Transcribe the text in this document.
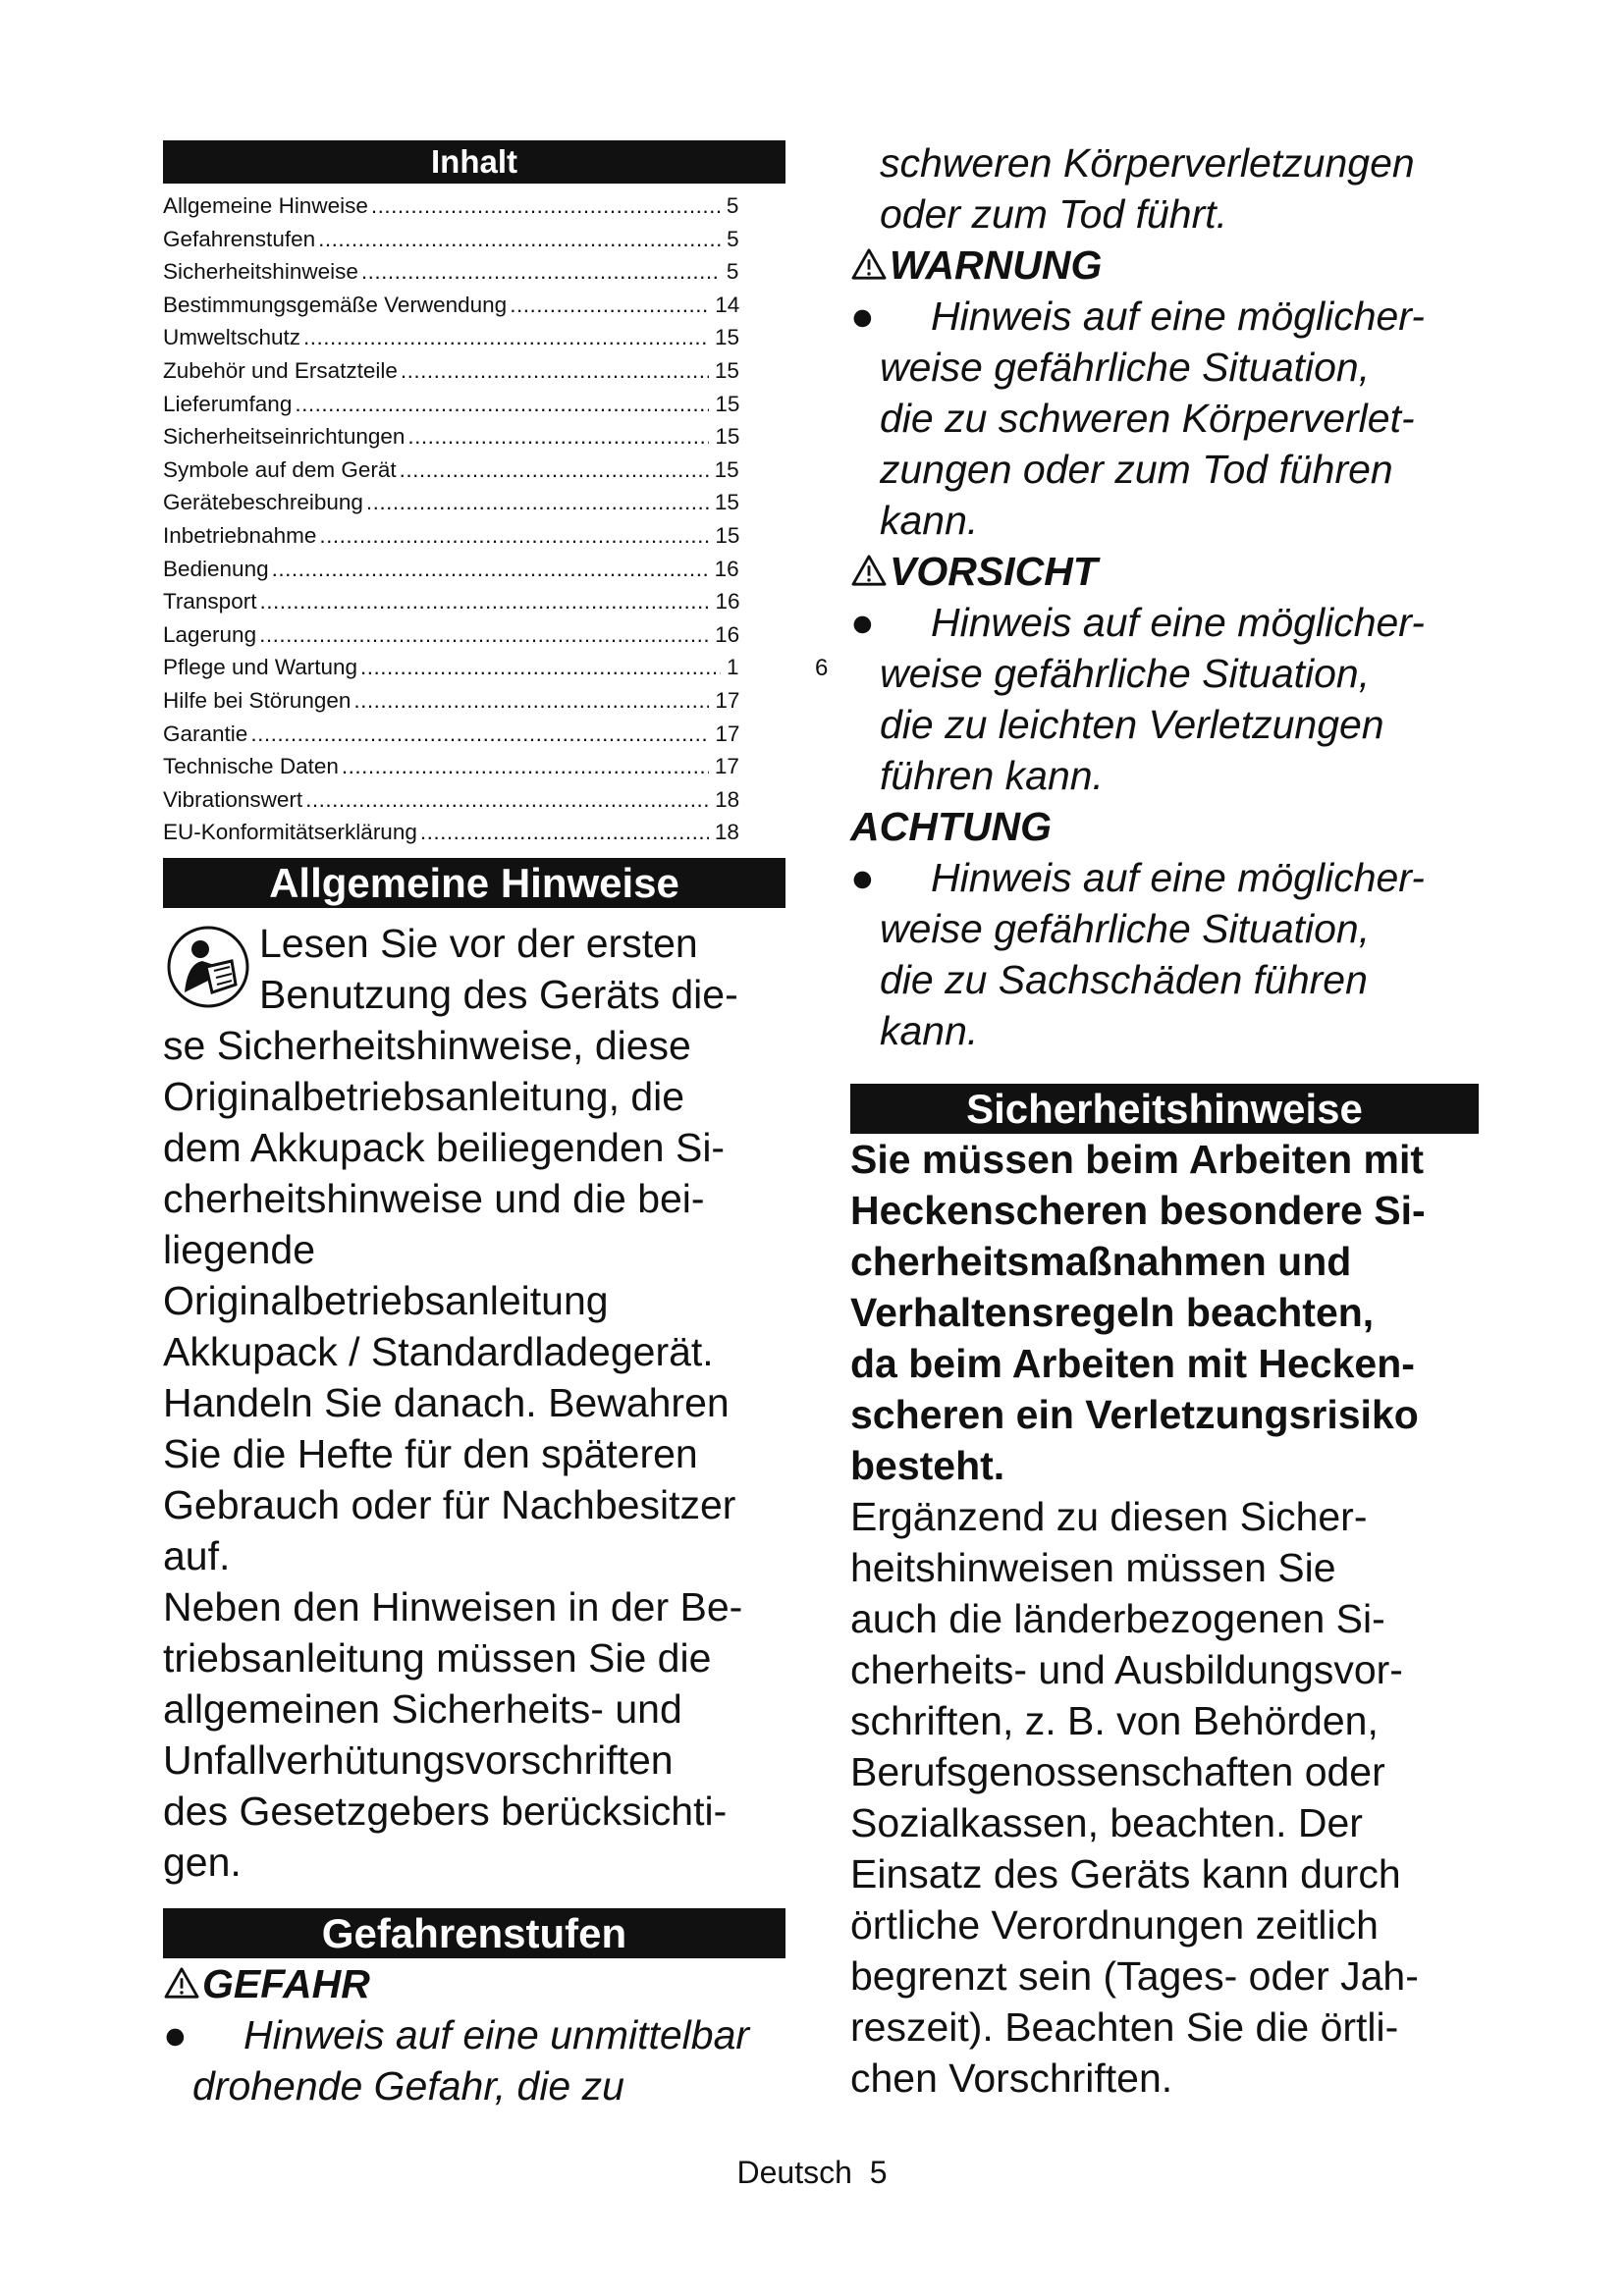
Inhalt
Allgemeine Hinweise .....	5
Gefahrenstufen .....	5
Sicherheitshinweise .....	5
Bestimmungsgemäße Verwendung .....	14
Umweltschutz .....	15
Zubehör und Ersatzteile .....	15
Lieferumfang .....	15
Sicherheitseinrichtungen .....	15
Symbole auf dem Gerät .....	15
Gerätebeschreibung .....	15
Inbetriebnahme .....	15
Bedienung .....	16
Transport .....	16
Lagerung .....	16
Pflege und Wartung .....	1
Hilfe bei Störungen .....	17
Garantie .....	17
Technische Daten .....	17
Vibrationswert .....	18
EU-Konformitätserklärung .....	18
Allgemeine Hinweise
Lesen Sie vor der ersten
Benutzung des Geräts die-
se Sicherheitshinweise, diese
Originalbetriebsanleitung, die
dem Akkupack beiliegenden Si-
cherheitshinweise und die bei-
liegende
Originalbetriebsanleitung
Akkupack / Standardladegerät.
Handeln Sie danach. Bewahren
Sie die Hefte für den späteren
Gebrauch oder für Nachbesitzer
auf.
Neben den Hinweisen in der Be-
triebsanleitung müssen Sie die
allgemeinen Sicherheits- und
Unfallverhütungsvorschriften
des Gesetzgebers berücksichti-
gen.
Gefahrenstufen

GEFAHR

●	Hinweis auf eine unmittelbar
drohende Gefahr, die zu
schweren Körperverletzungen
oder zum Tod führt.

WARNUNG

●	Hinweis auf eine möglicher-
weise gefährliche Situation,
die zu schweren Körperverlet-
zungen oder zum Tod führen
kann.

VORSICHT

●	Hinweis auf eine möglicher-
weise gefährliche Situation,
die zu leichten Verletzungen
führen kann.

ACHTUNG

●	Hinweis auf eine möglicher-
weise gefährliche Situation,
die zu Sachschäden führen
kann.
Sicherheitshinweise
Sie müssen beim Arbeiten mit
Heckenscheren besondere Si-
cherheitsmaßnahmen und
Verhaltensregeln beachten,
da beim Arbeiten mit Hecken-
scheren ein Verletzungsrisiko
besteht.
Ergänzend zu diesen Sicher-
heitshinweisen müssen Sie
auch die länderbezogenen Si-
cherheits- und Ausbildungsvor-
schriften, z. B. von Behörden,
Berufsgenossenschaften oder
Sozialkassen, beachten. Der
Einsatz des Geräts kann durch
örtliche Verordnungen zeitlich
begrenzt sein (Tages- oder Jah-
reszeit). Beachten Sie die örtli-
chen Vorschriften.
6
Deutsch 5
